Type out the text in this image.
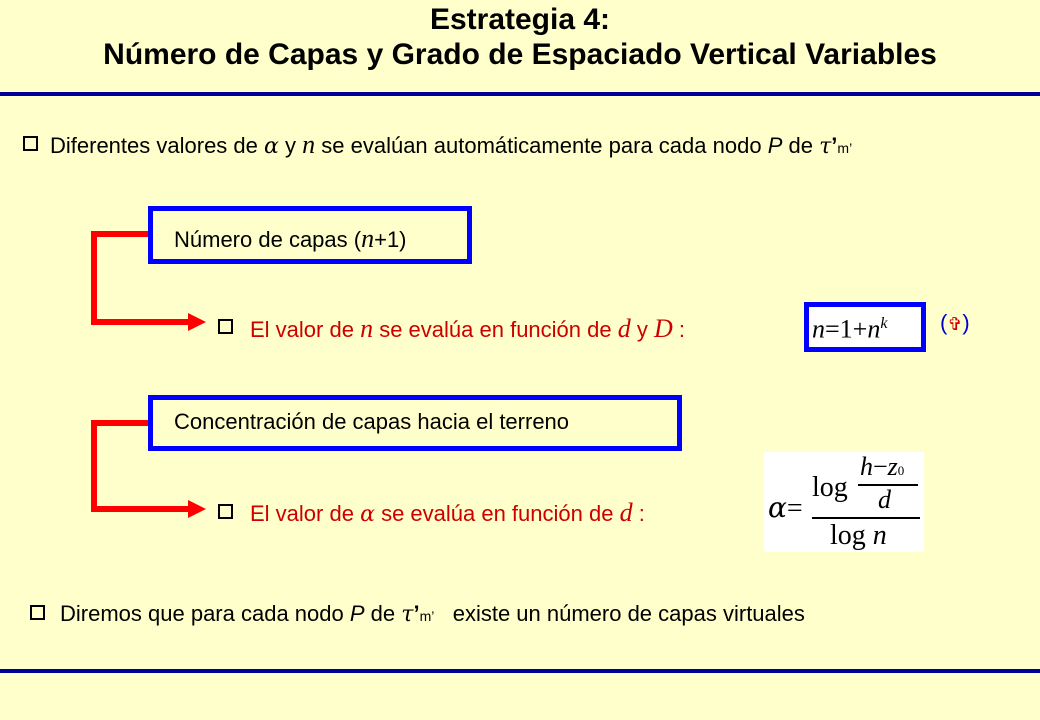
Estrategia 4:
Número de Capas y Grado de Espaciado Vertical Variables
Diferentes valores de α y n se evalúan automáticamente para cada nodo P de τ’m’
Número de capas (n+1)
El valor de n se evalúa en función de d y D :	$n=1+n^k$ (✞)
Concentración de capas hacia el terreno
El valor de α se evalúa en función de d :	α=
log
h−z0
d
log n
Diremos que para cada nodo P de τ’m’ existe un número de capas virtuales
